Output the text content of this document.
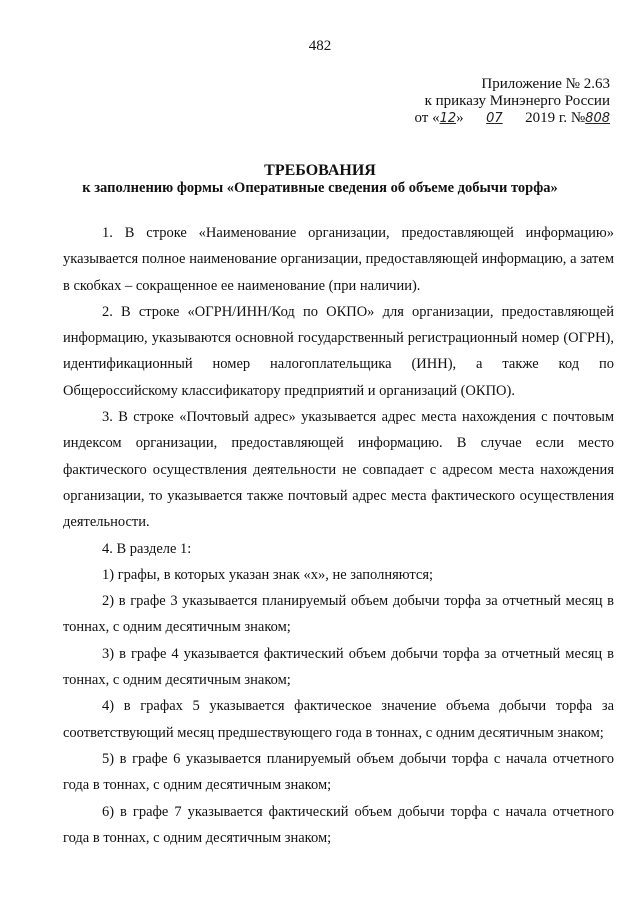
482
Приложение № 2.63
к приказу Минэнерго России
от «12» 07 2019 г. №808
ТРЕБОВАНИЯ
к заполнению формы «Оперативные сведения об объеме добычи торфа»

1. В строке «Наименование организации, предоставляющей информацию» указывается полное наименование организации, предоставляющей информацию, а затем в скобках – сокращенное ее наименование (при наличии).

2. В строке «ОГРН/ИНН/Код по ОКПО» для организации, предоставляющей информацию, указываются основной государственный регистрационный номер (ОГРН), идентификационный номер налогоплательщика (ИНН), а также код по Общероссийскому классификатору предприятий и организаций (ОКПО).

3. В строке «Почтовый адрес» указывается адрес места нахождения с почтовым индексом организации, предоставляющей информацию. В случае если место фактического осуществления деятельности не совпадает с адресом места нахождения организации, то указывается также почтовый адрес места фактического осуществления деятельности.

4. В разделе 1:

1) графы, в которых указан знак «х», не заполняются;

2) в графе 3 указывается планируемый объем добычи торфа за отчетный месяц в тоннах, с одним десятичным знаком;

3) в графе 4 указывается фактический объем добычи торфа за отчетный месяц в тоннах, с одним десятичным знаком;

4) в графах 5 указывается фактическое значение объема добычи торфа за соответствующий месяц предшествующего года в тоннах, с одним десятичным знаком;

5) в графе 6 указывается планируемый объем добычи торфа с начала отчетного года в тоннах, с одним десятичным знаком;

6) в графе 7 указывается фактический объем добычи торфа с начала отчетного года в тоннах, с одним десятичным знаком;
